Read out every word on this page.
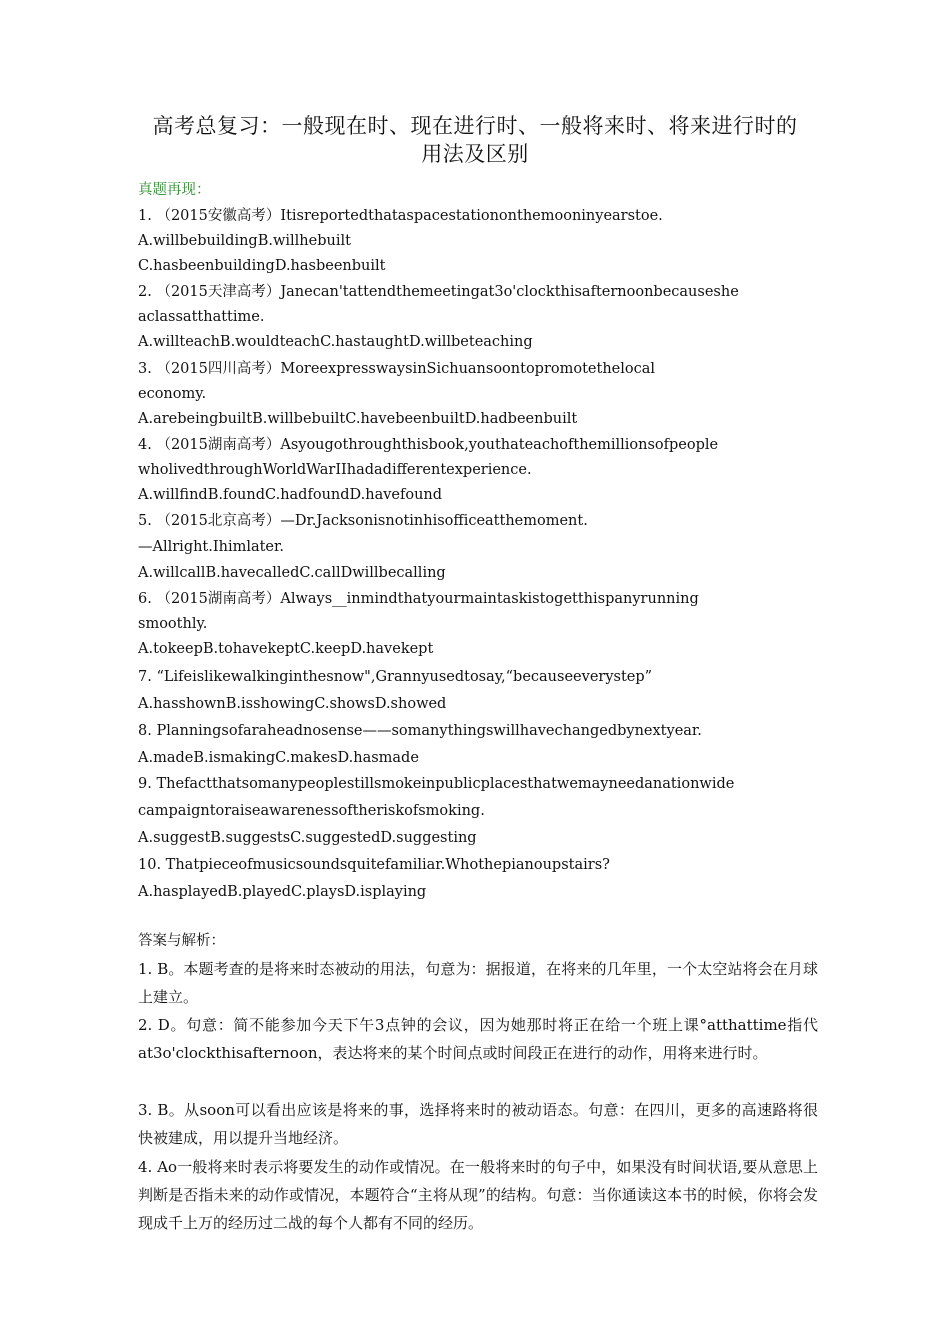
高考总复习：一般现在时、现在进行时、一般将来时、将来进行时的
用法及区别
真题再现：
1. （2015安徽高考）Itisreportedthataspacestationonthemooninyearstoe.
A.willbebuildingB.willhebuilt
C.hasbeenbuildingD.hasbeenbuilt
2. （2015天津高考）Janecan'tattendthemeetingat3o'clockthisafternoonbecauseshe
aclassatthattime.
A.willteachB.wouldteachC.hastaughtD.willbeteaching
3. （2015四川高考）MoreexpresswaysinSichuansoontopromotethelocal
economy.
A.arebeingbuiltB.willbebuiltC.havebeenbuiltD.hadbeenbuilt
4. （2015湖南高考）Asyougothroughthisbook,youthateachofthemillionsofpeople
wholivedthroughWorldWarIIhadadifferentexperience.
A.willfindB.foundC.hadfoundD.havefound
5. （2015北京高考）—Dr.Jacksonisnotinhisofficeatthemoment.
—Allright.Ihimlater.
A.willcallB.havecalledC.callDwillbecalling
6. （2015湖南高考）Always__inmindthatyourmaintaskistogetthispanyrunning
smoothly.
A.tokeepB.tohavekeptC.keepD.havekept
7. “Lifeislikewalkinginthesnow",Grannyusedtosay,“becauseeverystep”
A.hasshownB.isshowingC.showsD.showed
8. Planningsofaraheadnosense——somanythingswillhavechangedbynextyear.
A.madeB.ismakingC.makesD.hasmade
9. Thefactthatsomanypeoplestillsmokeinpublicplacesthatwemayneedanationwide
campaigntoraiseawarenessoftheriskofsmoking.
A.suggestB.suggestsC.suggestedD.suggesting
10. Thatpieceofmusicsoundsquitefamiliar.Whothepianoupstairs?
A.hasplayedB.playedC.playsD.isplaying
答案与解析：
1. B。本题考查的是将来时态被动的用法，句意为：据报道，在将来的几年里，一个太空站将会在月球上建立。
2. D。句意：简不能参加今天下午3点钟的会议，因为她那时将正在给一个班上课°atthattime指代at3o'clockthisafternoon，表达将来的某个时间点或时间段正在进行的动作，用将来进行时。
3. B。从soon可以看出应该是将来的事，选择将来时的被动语态。句意：在四川，更多的高速路将很快被建成，用以提升当地经济。
4. Ao一般将来时表示将要发生的动作或情况。在一般将来时的句子中，如果没有时间状语,要从意思上判断是否指未来的动作或情况，本题符合“主将从现”的结构。句意：当你通读这本书的时候，你将会发现成千上万的经历过二战的每个人都有不同的经历。
